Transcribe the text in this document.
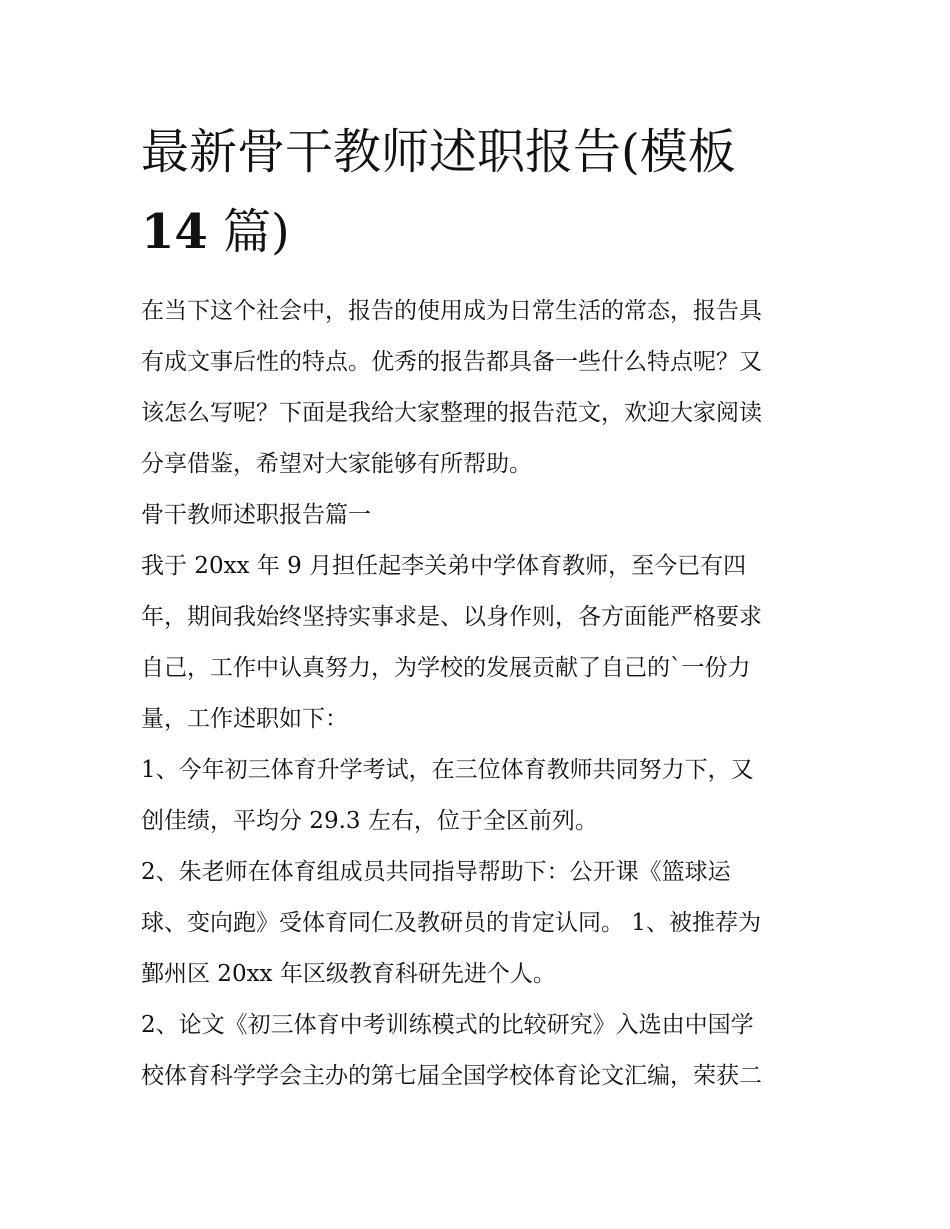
最新骨干教师述职报告(模板
14 篇)

在当下这个社会中，报告的使用成为日常生活的常态，报告具
有成文事后性的特点。优秀的报告都具备一些什么特点呢？又
该怎么写呢？下面是我给大家整理的报告范文，欢迎大家阅读
分享借鉴，希望对大家能够有所帮助。

骨干教师述职报告篇一

我于 20xx 年 9 月担任起李关弟中学体育教师，至今已有四
年，期间我始终坚持实事求是、以身作则，各方面能严格要求
自己，工作中认真努力，为学校的发展贡献了自己的`一份力
量，工作述职如下：

1、今年初三体育升学考试，在三位体育教师共同努力下，又
创佳绩，平均分 29.3 左右，位于全区前列。

2、朱老师在体育组成员共同指导帮助下：公开课《篮球运
球、变向跑》受体育同仁及教研员的肯定认同。 1、被推荐为
鄞州区 20xx 年区级教育科研先进个人。

2、论文《初三体育中考训练模式的比较研究》入选由中国学
校体育科学学会主办的第七届全国学校体育论文汇编，荣获二
